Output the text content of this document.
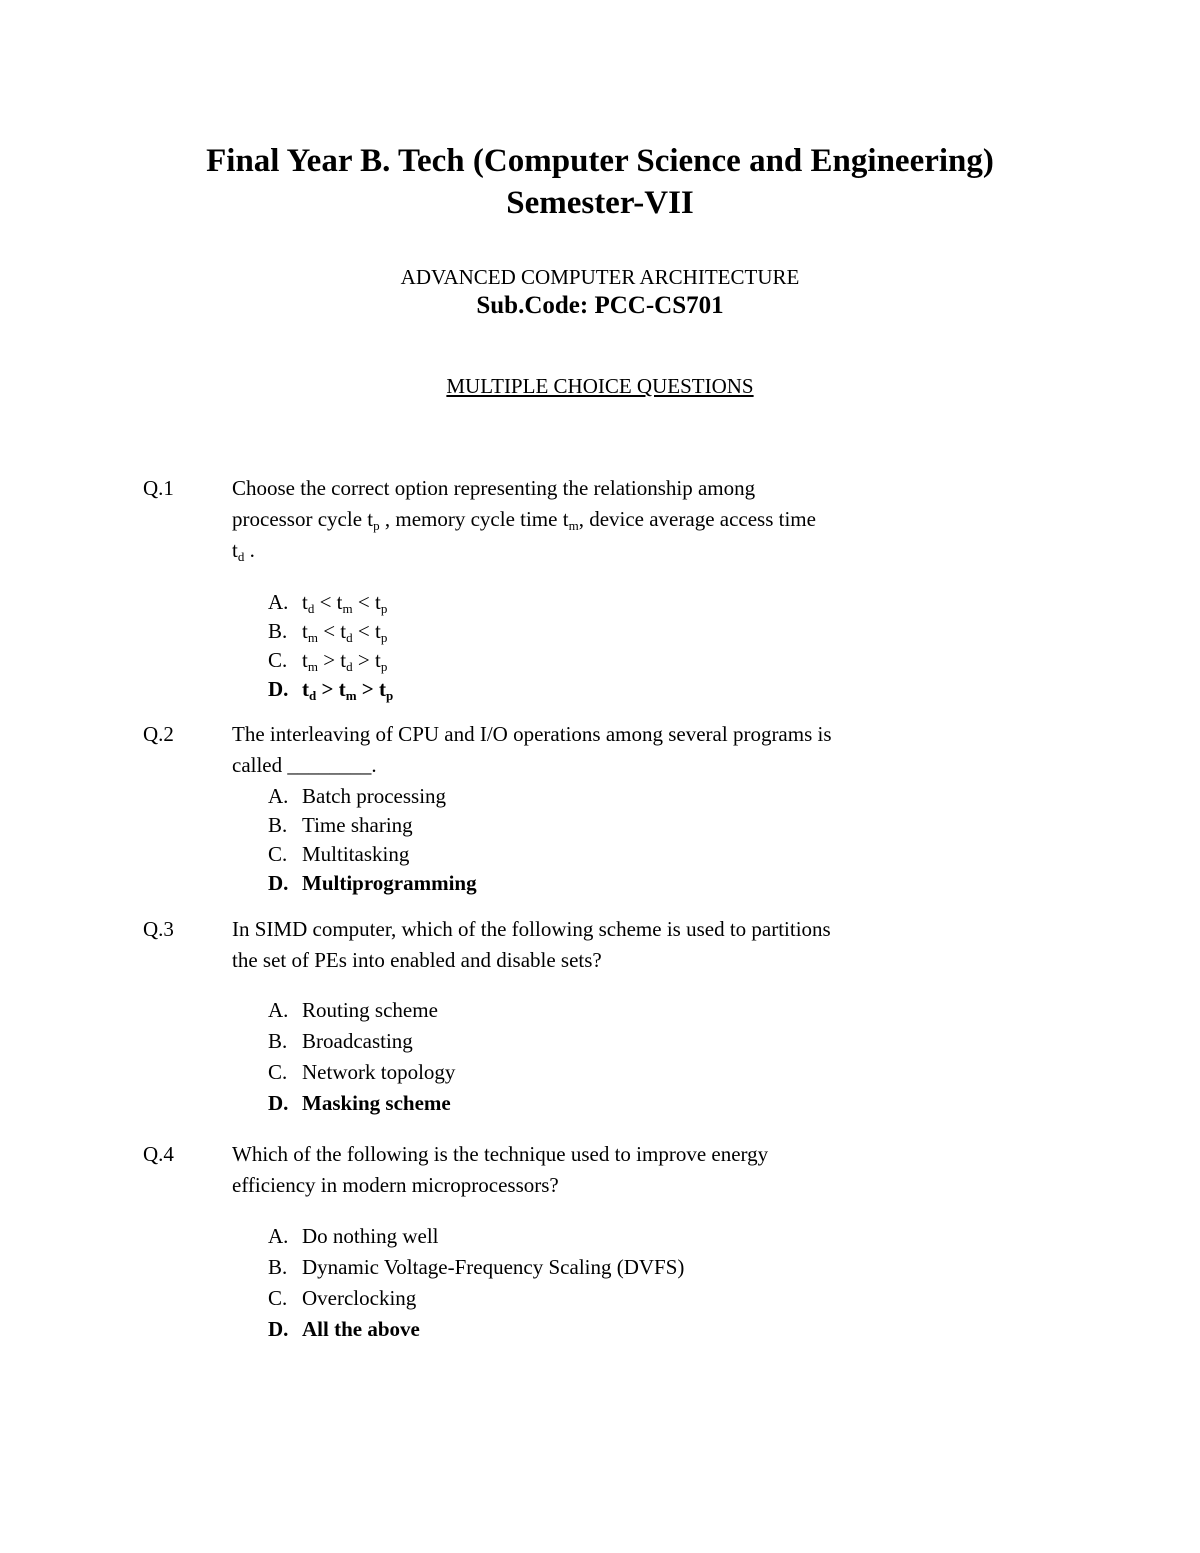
Final Year B. Tech (Computer Science and Engineering)
Semester-VII
ADVANCED COMPUTER ARCHITECTURE
Sub.Code: PCC-CS701
MULTIPLE CHOICE QUESTIONS
Q.1	Choose the correct option representing the relationship among
processor cycle $t_p$ , memory cycle time $t_m$, device average access time
$t_d$ .
A. $t_d < t_m < t_p$
B. $t_m < t_d < t_p$
C. $t_m > t_d > t_p$
D. $t_d > t_m > t_p$
Q.2	The interleaving of CPU and I/O operations among several programs is
called ________.
A. Batch processing
B. Time sharing
C. Multitasking
D. Multiprogramming
Q.3	In SIMD computer, which of the following scheme is used to partitions
the set of PEs into enabled and disable sets?
A. Routing scheme
B. Broadcasting
C. Network topology
D. Masking scheme
Q.4	Which of the following is the technique used to improve energy
efficiency in modern microprocessors?
A. Do nothing well
B. Dynamic Voltage-Frequency Scaling (DVFS)
C. Overclocking
D. All the above
